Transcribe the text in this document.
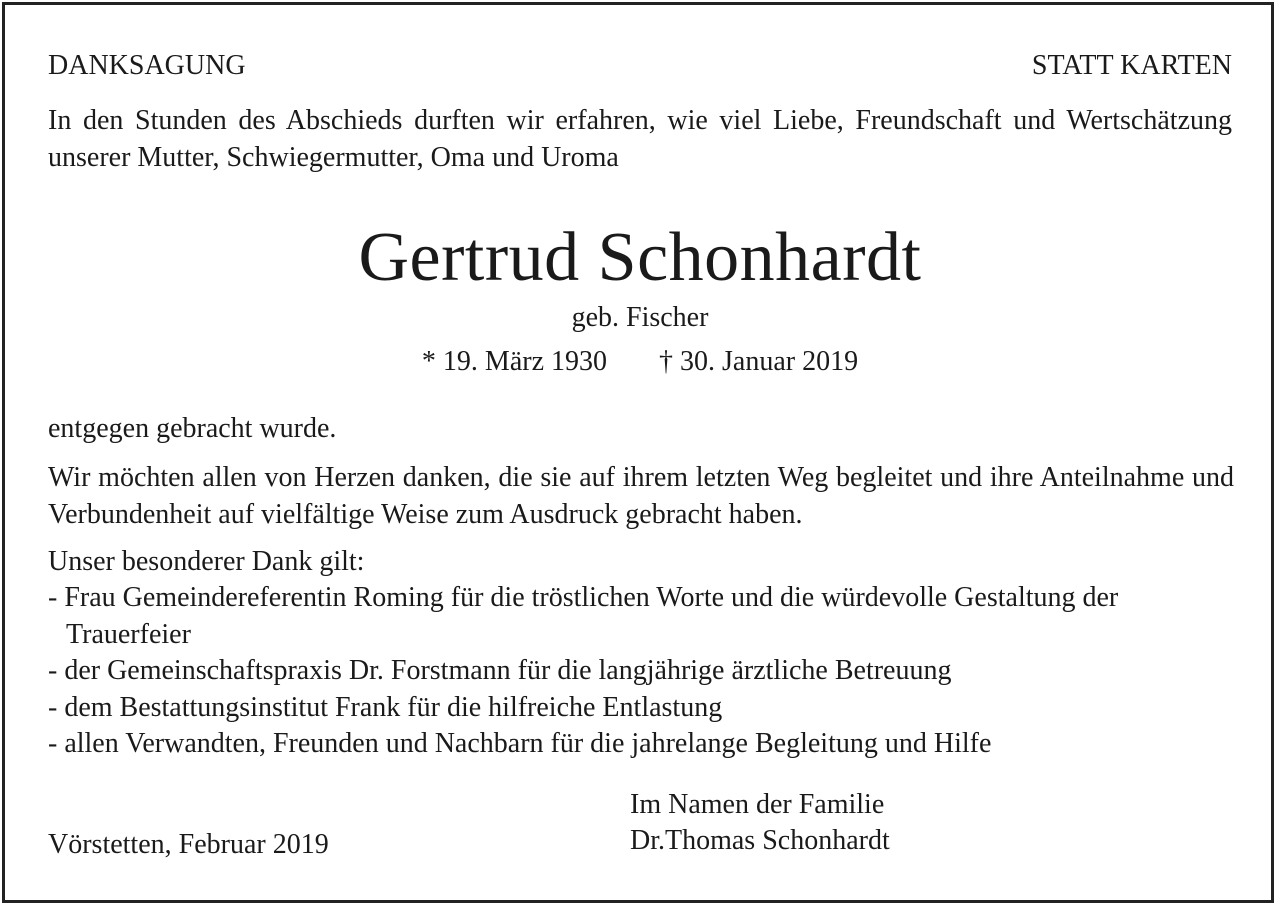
DANKSAGUNG	STATT KARTEN
In den Stunden des Abschieds durften wir erfahren, wie viel Liebe, Freundschaft und Wertschätzung unserer Mutter, Schwiegermutter, Oma und Uroma
Gertrud Schonhardt
geb. Fischer
* 19. März 1930 † 30. Januar 2019
entgegen gebracht wurde.
Wir möchten allen von Herzen danken, die sie auf ihrem letzten Weg begleitet und ihre Anteilnahme und Verbundenheit auf vielfältige Weise zum Ausdruck gebracht haben.
Unser besonderer Dank gilt:
- Frau Gemeindereferentin Roming für die tröstlichen Worte und die würdevolle Gestaltung der Trauerfeier
- der Gemeinschaftspraxis Dr. Forstmann für die langjährige ärztliche Betreuung
- dem Bestattungsinstitut Frank für die hilfreiche Entlastung
- allen Verwandten, Freunden und Nachbarn für die jahrelange Begleitung und Hilfe
Im Namen der Familie
Dr.Thomas Schonhardt
Vörstetten, Februar 2019
